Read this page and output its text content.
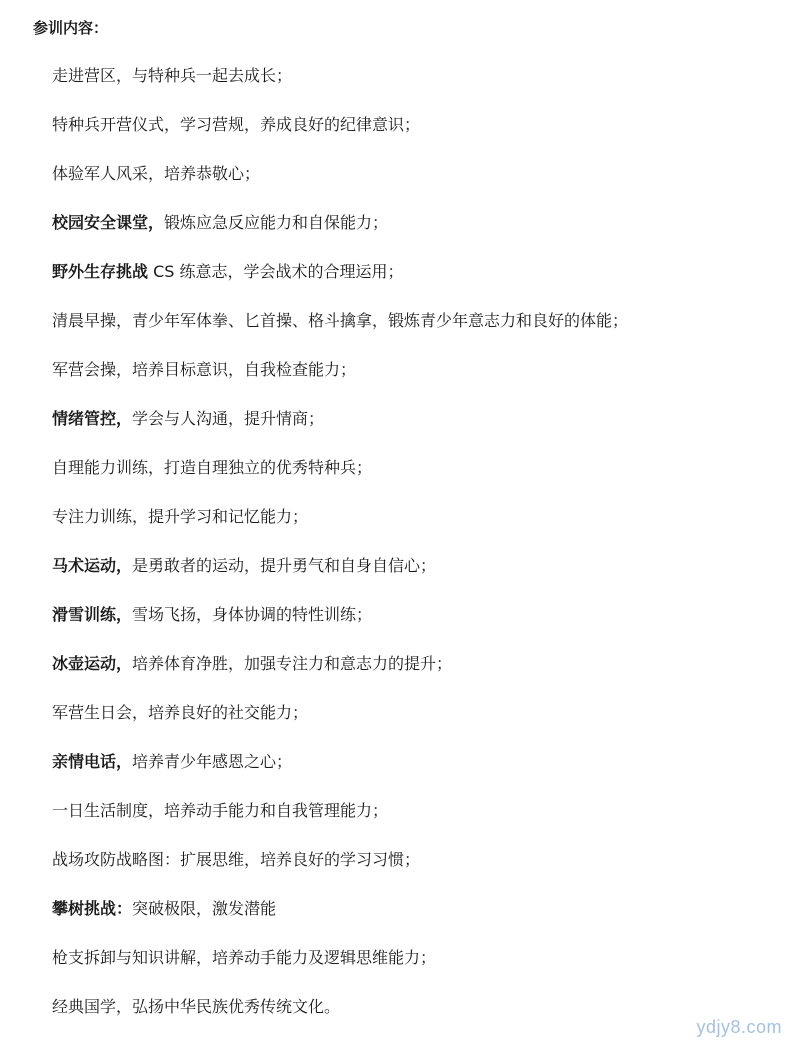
参训内容：
走进营区，与特种兵一起去成长；
特种兵开营仪式，学习营规，养成良好的纪律意识；
体验军人风采，培养恭敬心；
校园安全课堂，锻炼应急反应能力和自保能力；
野外生存挑战 CS 练意志，学会战术的合理运用；
清晨早操，青少年军体拳、匕首操、格斗擒拿，锻炼青少年意志力和良好的体能；
军营会操，培养目标意识，自我检查能力；
情绪管控，学会与人沟通，提升情商；
自理能力训练，打造自理独立的优秀特种兵；
专注力训练，提升学习和记忆能力；
马术运动，是勇敢者的运动，提升勇气和自身自信心；
滑雪训练，雪场飞扬，身体协调的特性训练；
冰壶运动，培养体育净胜，加强专注力和意志力的提升；
军营生日会，培养良好的社交能力；
亲情电话，培养青少年感恩之心；
一日生活制度，培养动手能力和自我管理能力；
战场攻防战略图：扩展思维，培养良好的学习习惯；
攀树挑战：突破极限，激发潜能
枪支拆卸与知识讲解，培养动手能力及逻辑思维能力；
经典国学，弘扬中华民族优秀传统文化。
ydjy8.com
